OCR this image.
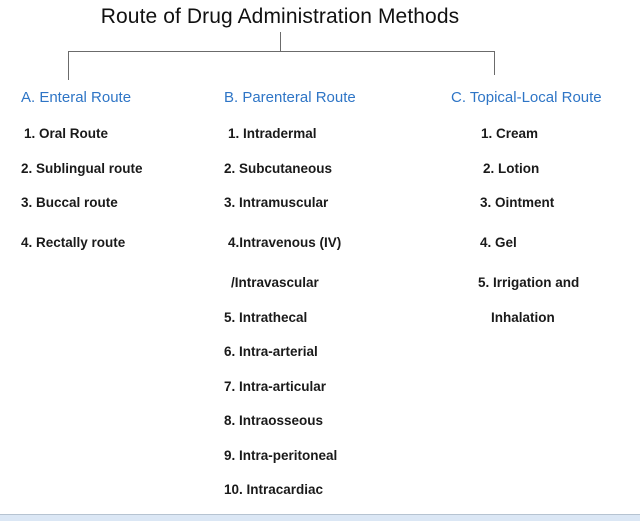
Route of Drug Administration Methods
A. Enteral Route	B. Parenteral Route	C. Topical-Local Route
1. Oral Route
2. Sublingual route
3. Buccal route
4. Rectally route
1. Intradermal
2. Subcutaneous
3. Intramuscular
4.Intravenous (IV)
/Intravascular
5. Intrathecal
6. Intra-arterial
7. Intra-articular
8. Intraosseous
9. Intra-peritoneal
10. Intracardiac
1. Cream
2. Lotion
3. Ointment
4. Gel
5. Irrigation and
Inhalation
